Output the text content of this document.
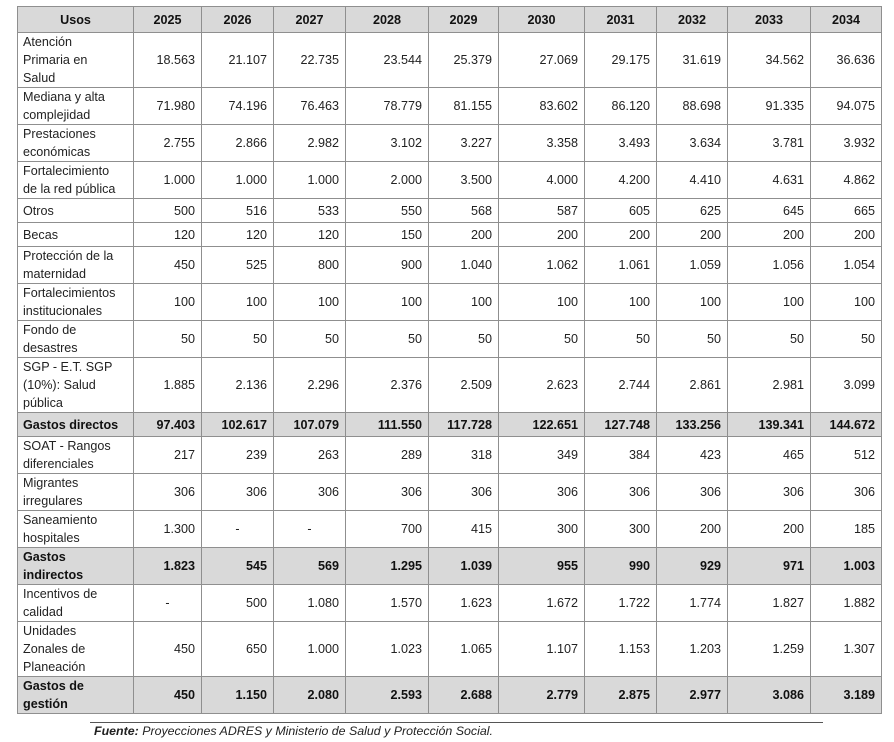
Usos	2025	2026	2027	2028	2029	2030	2031	2032	2033	2034
Atención
Primaria en
Salud	18.563	21.107	22.735	23.544	25.379	27.069	29.175	31.619	34.562	36.636
Mediana y alta
complejidad	71.980	74.196	76.463	78.779	81.155	83.602	86.120	88.698	91.335	94.075
Prestaciones
económicas	2.755	2.866	2.982	3.102	3.227	3.358	3.493	3.634	3.781	3.932
Fortalecimiento
de la red pública	1.000	1.000	1.000	2.000	3.500	4.000	4.200	4.410	4.631	4.862
Otros	500	516	533	550	568	587	605	625	645	665
Becas	120	120	120	150	200	200	200	200	200	200
Protección de la
maternidad	450	525	800	900	1.040	1.062	1.061	1.059	1.056	1.054
Fortalecimientos
institucionales	100	100	100	100	100	100	100	100	100	100
Fondo de
desastres	50	50	50	50	50	50	50	50	50	50
SGP - E.T. SGP
(10%): Salud
pública	1.885	2.136	2.296	2.376	2.509	2.623	2.744	2.861	2.981	3.099
Gastos directos	97.403	102.617	107.079	111.550	117.728	122.651	127.748	133.256	139.341	144.672
SOAT - Rangos
diferenciales	217	239	263	289	318	349	384	423	465	512
Migrantes
irregulares	306	306	306	306	306	306	306	306	306	306
Saneamiento
hospitales	1.300	-	-	700	415	300	300	200	200	185
Gastos
indirectos	1.823	545	569	1.295	1.039	955	990	929	971	1.003
Incentivos de
calidad	-	500	1.080	1.570	1.623	1.672	1.722	1.774	1.827	1.882
Unidades
Zonales de
Planeación	450	650	1.000	1.023	1.065	1.107	1.153	1.203	1.259	1.307
Gastos de
gestión	450	1.150	2.080	2.593	2.688	2.779	2.875	2.977	3.086	3.189
Fuente: Proyecciones ADRES y Ministerio de Salud y Protección Social.
